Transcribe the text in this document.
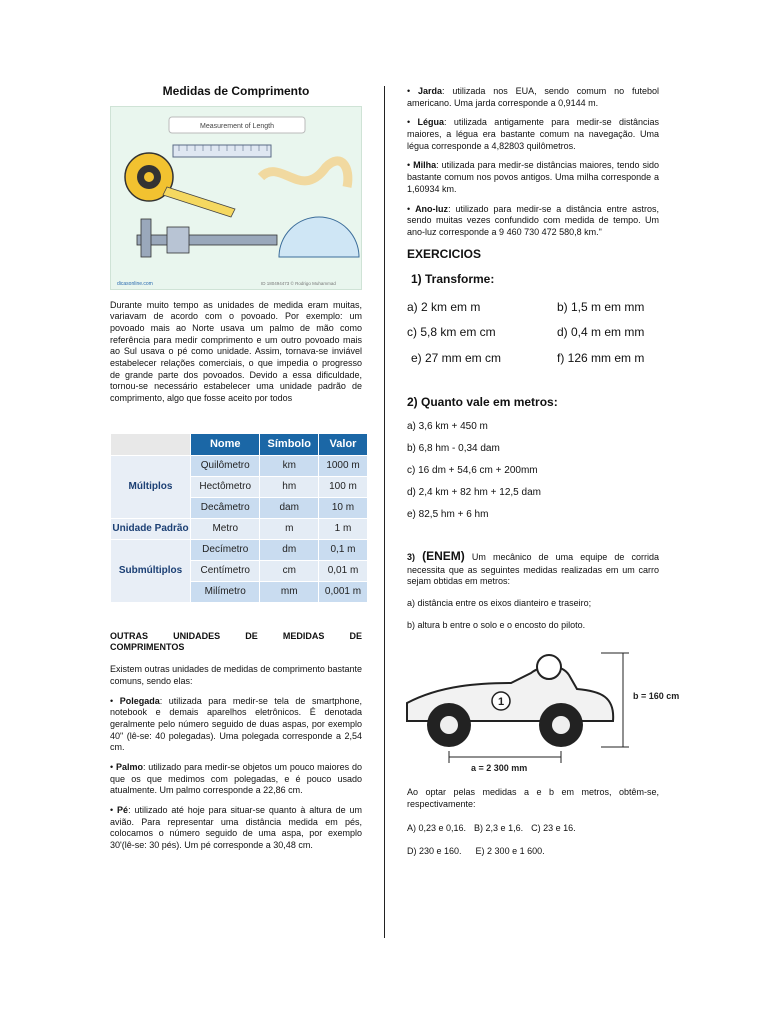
Medidas de Comprimento
Measurement of Length
dicasonline.com	ID 180494473 © Rodrigo Muhammad
Durante muito tempo as unidades de medida eram muitas, variavam de acordo com o povoado. Por exemplo: um povoado mais ao Norte usava um palmo de mão como referência para medir comprimento e um outro povoado mais ao Sul usava o pé como unidade. Assim, tornava-se inviável estabelecer relações comerciais, o que impedia o progresso de grande parte dos povoados. Devido a essa dificuldade, tornou-se necessário estabelecer uma unidade padrão de comprimento, algo que fosse aceito por todos
	Nome	Símbolo	Valor
Múltiplos	Quilômetro	km	1000 m
	Hectômetro	hm	100 m
	Decâmetro	dam	10 m
Unidade Padrão	Metro	m	1 m
Submúltiplos	Decímetro	dm	0,1 m
	Centímetro	cm	0,01 m
	Milímetro	mm	0,001 m
OUTRAS	UNIDADES	DE	MEDIDAS	DE
COMPRIMENTOS
Existem outras unidades de medidas de comprimento bastante comuns, sendo elas:
• Polegada: utilizada para medir-se tela de smartphone, notebook e demais aparelhos eletrônicos. É denotada geralmente pelo número seguido de duas aspas, por exemplo 40" (lê-se: 40 polegadas). Uma polegada corresponde a 2,54 cm.
• Palmo: utilizado para medir-se objetos um pouco maiores do que os que medimos com polegadas, e é pouco usado atualmente. Um palmo corresponde a 22,86 cm.
• Pé: utilizado até hoje para situar-se quanto à altura de um avião. Para representar uma distância medida em pés, colocamos o número seguido de uma aspa, por exemplo 30'(lê-se: 30 pés). Um pé corresponde a 30,48 cm.
• Jarda: utilizada nos EUA, sendo comum no futebol americano. Uma jarda corresponde a 0,9144 m.
• Légua: utilizada antigamente para medir-se distâncias maiores, a légua era bastante comum na navegação. Uma légua corresponde a 4,82803 quilômetros.
• Milha: utilizada para medir-se distâncias maiores, tendo sido bastante comum nos povos antigos. Uma milha corresponde a 1,60934 km.
• Ano-luz: utilizado para medir-se a distância entre astros, sendo muitas vezes confundido com medida de tempo. Um ano-luz corresponde a 9 460 730 472 580,8 km."
EXERCICIOS
1) Transforme:
a) 2 km em m	b) 1,5 m em mm
c) 5,8 km em cm	d) 0,4 m em mm
e) 27 mm em cm	f) 126 mm em m
2) Quanto vale em metros:
a) 3,6 km + 450 m
b) 6,8 hm - 0,34 dam
c) 16 dm + 54,6 cm + 200mm
d) 2,4 km + 82 hm + 12,5 dam
e) 82,5 hm + 6 hm
3) (ENEM) Um mecânico de uma equipe de corrida necessita que as seguintes medidas realizadas em um carro sejam obtidas em metros:
a) distância entre os eixos dianteiro e traseiro;
b) altura b entre o solo e o encosto do piloto.
1	b = 160 cm
a = 2 300 mm
Ao optar pelas medidas a e b em metros, obtêm-se, respectivamente:
A) 0,23 e 0,16. B) 2,3 e 1,6. C) 23 e 16.
D) 230 e 160. E) 2 300 e 1 600.
